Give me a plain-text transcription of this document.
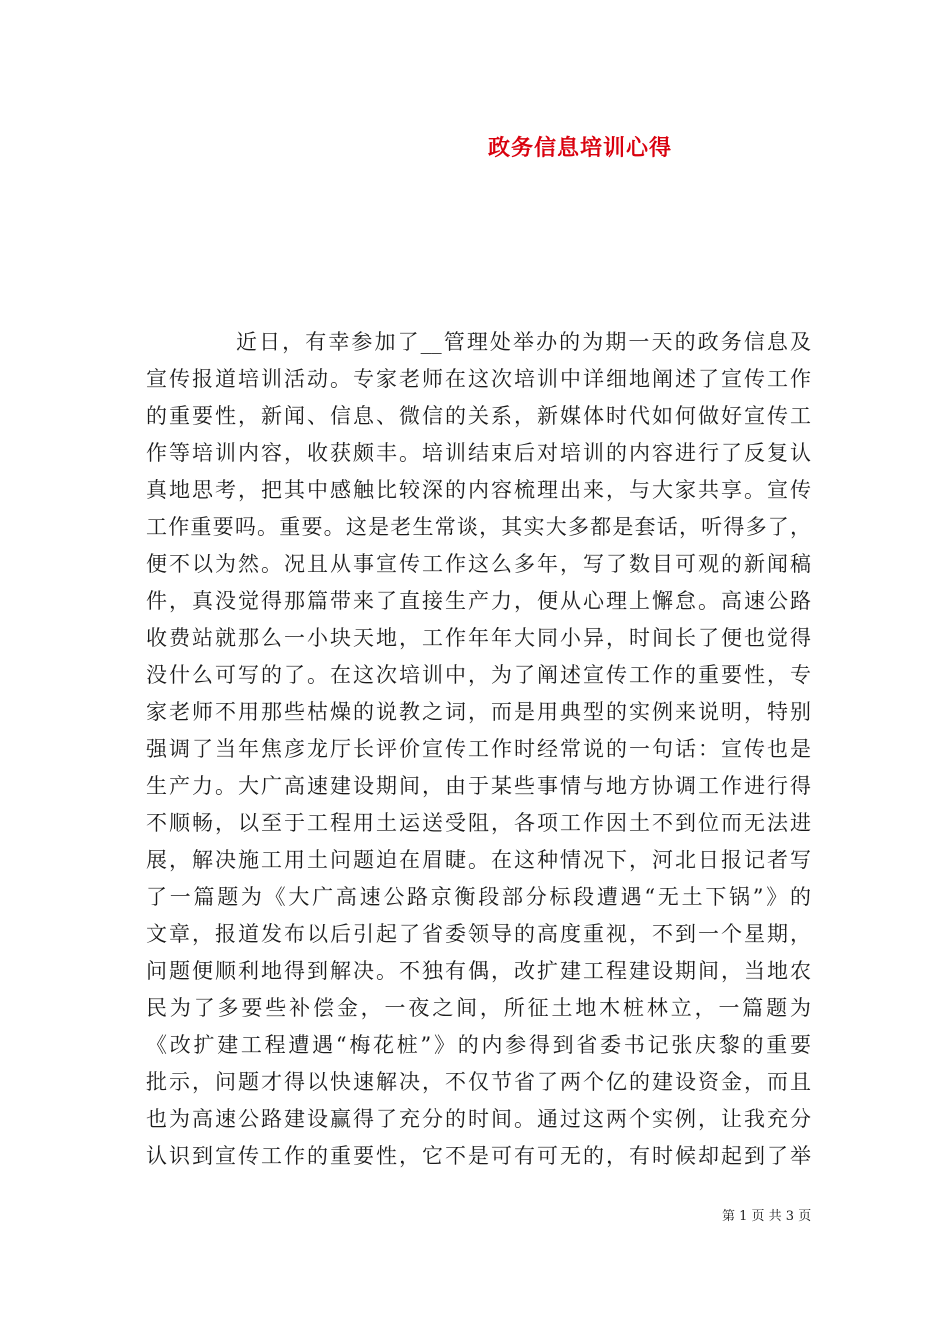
政务信息培训心得
近日，有幸参加了__管理处举办的为期一天的政务信息及
宣传报道培训活动。专家老师在这次培训中详细地阐述了宣传工作
的重要性，新闻、信息、微信的关系，新媒体时代如何做好宣传工
作等培训内容，收获颇丰。培训结束后对培训的内容进行了反复认
真地思考，把其中感触比较深的内容梳理出来，与大家共享。宣传
工作重要吗。重要。这是老生常谈，其实大多都是套话，听得多了，
便不以为然。况且从事宣传工作这么多年，写了数目可观的新闻稿
件，真没觉得那篇带来了直接生产力，便从心理上懈怠。高速公路
收费站就那么一小块天地，工作年年大同小异，时间长了便也觉得
没什么可写的了。在这次培训中，为了阐述宣传工作的重要性，专
家老师不用那些枯燥的说教之词，而是用典型的实例来说明，特别
强调了当年焦彦龙厅长评价宣传工作时经常说的一句话：宣传也是
生产力。大广高速建设期间，由于某些事情与地方协调工作进行得
不顺畅，以至于工程用土运送受阻，各项工作因土不到位而无法进
展，解决施工用土问题迫在眉睫。在这种情况下，河北日报记者写
了一篇题为《大广高速公路京衡段部分标段遭遇“无土下锅”》的
文章，报道发布以后引起了省委领导的高度重视，不到一个星期，
问题便顺利地得到解决。不独有偶，改扩建工程建设期间，当地农
民为了多要些补偿金，一夜之间，所征土地木桩林立，一篇题为
《改扩建工程遭遇“梅花桩”》的内参得到省委书记张庆黎的重要
批示，问题才得以快速解决，不仅节省了两个亿的建设资金，而且
也为高速公路建设赢得了充分的时间。通过这两个实例，让我充分
认识到宣传工作的重要性，它不是可有可无的，有时候却起到了举
第 1 页 共 3 页
